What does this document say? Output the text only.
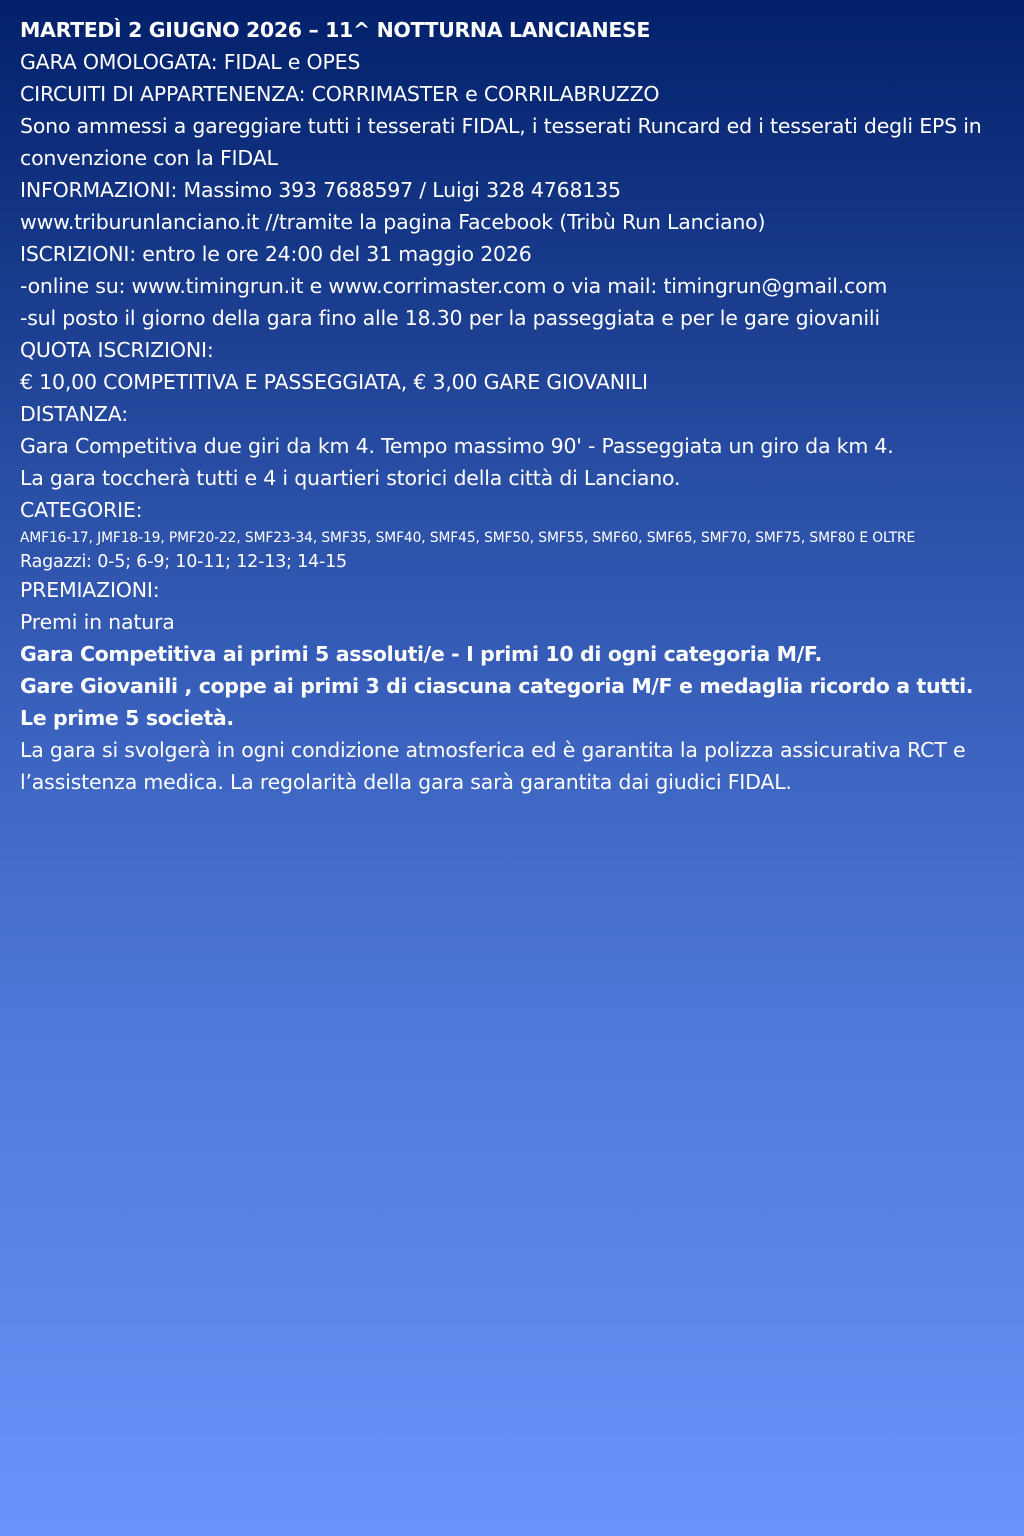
MARTEDÌ 2 GIUGNO 2026 – 11^ NOTTURNA LANCIANESE
GARA OMOLOGATA: FIDAL e OPES
CIRCUITI DI APPARTENENZA: CORRIMASTER e CORRILABRUZZO
Sono ammessi a gareggiare tutti i tesserati FIDAL, i tesserati Runcard ed i tesserati degli EPS in convenzione con la FIDAL
INFORMAZIONI: Massimo 393 7688597 / Luigi 328 4768135
www.triburunlanciano.it //tramite la pagina Facebook (Tribù Run Lanciano)
ISCRIZIONI: entro le ore 24:00 del 31 maggio 2026
-online su: www.timingrun.it e www.corrimaster.com o via mail: timingrun@gmail.com
-sul posto il giorno della gara fino alle 18.30 per la passeggiata e per le gare giovanili
QUOTA ISCRIZIONI:
€ 10,00 COMPETITIVA E PASSEGGIATA, € 3,00 GARE GIOVANILI
DISTANZA:
Gara Competitiva due giri da km 4. Tempo massimo 90' - Passeggiata un giro da km 4.
La gara toccherà tutti e 4 i quartieri storici della città di Lanciano.
CATEGORIE:
AMF16-17, JMF18-19, PMF20-22, SMF23-34, SMF35, SMF40, SMF45, SMF50, SMF55, SMF60, SMF65, SMF70, SMF75, SMF80 E OLTRE
Ragazzi: 0-5; 6-9; 10-11; 12-13; 14-15
PREMIAZIONI:
Premi in natura
Gara Competitiva ai primi 5 assoluti/e - I primi 10 di ogni categoria M/F.
Gare Giovanili , coppe ai primi 3 di ciascuna categoria M/F e medaglia ricordo a tutti.
Le prime 5 società.
La gara si svolgerà in ogni condizione atmosferica ed è garantita la polizza assicurativa RCT e l’assistenza medica. La regolarità della gara sarà garantita dai giudici FIDAL.
